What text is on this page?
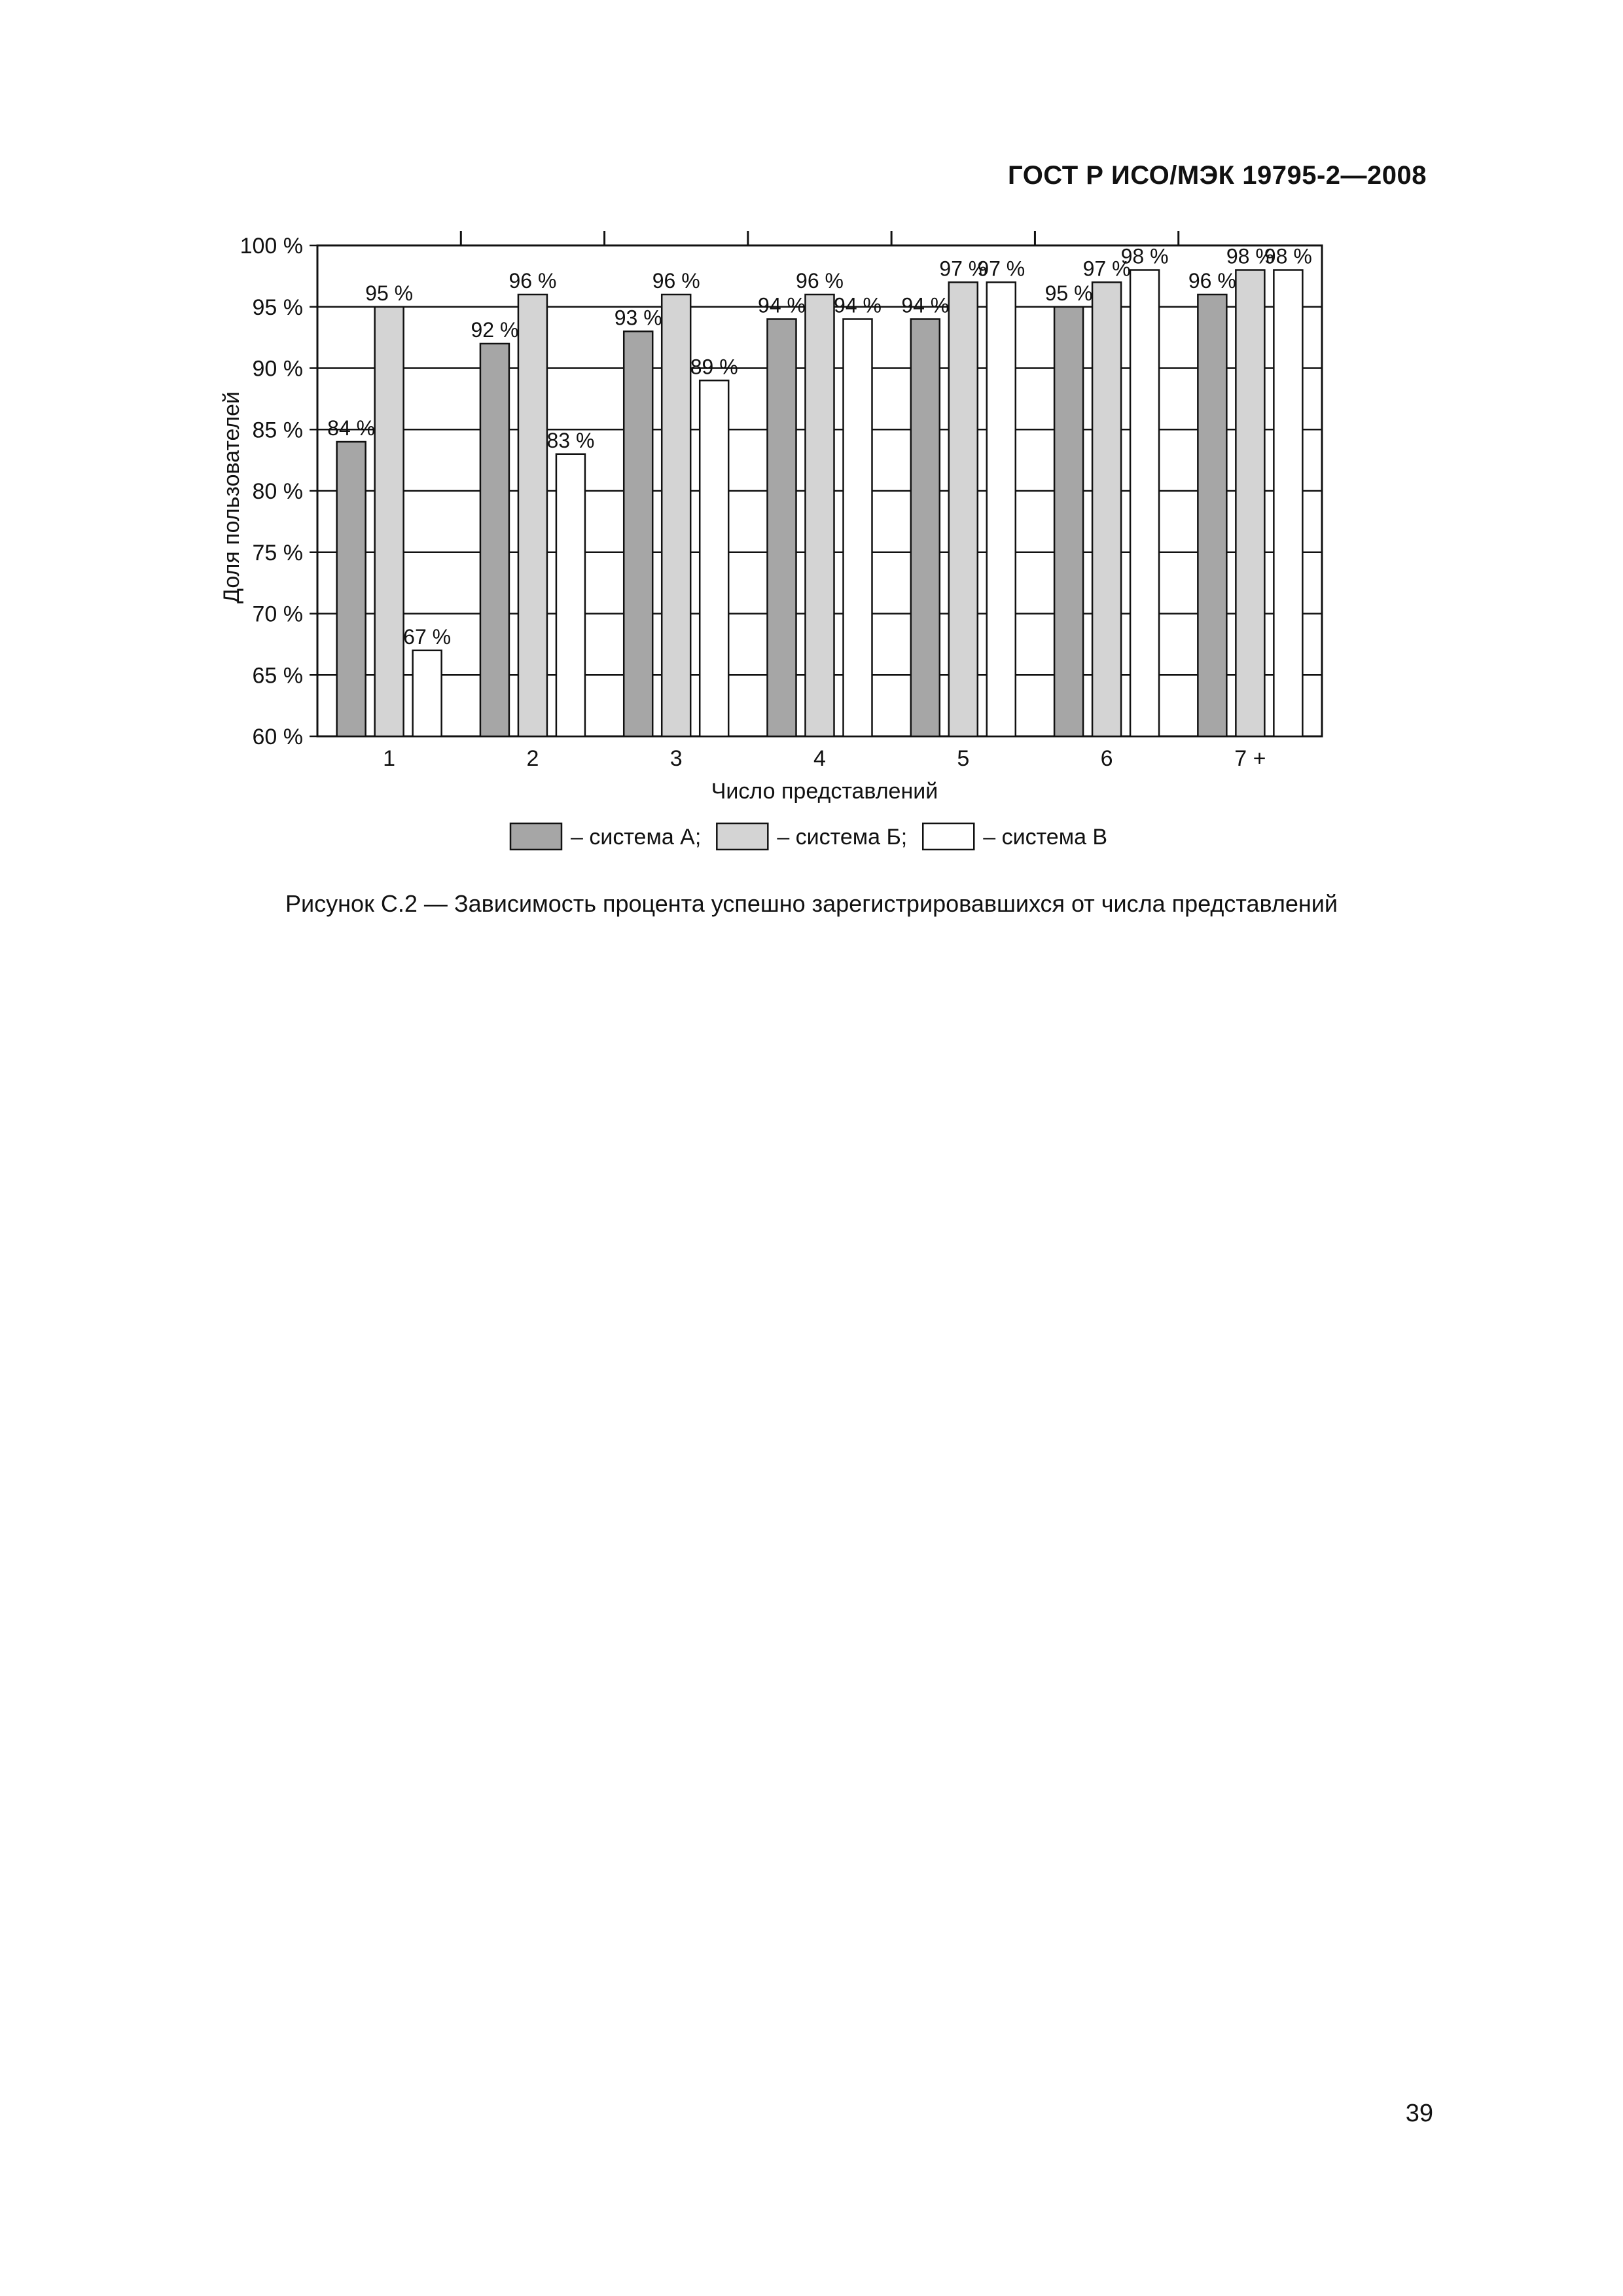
ГОСТ Р ИСО/МЭК 19795-2—2008
84 %
95 %
67 %
92 %
96 %
83 %
93 %
96 %
89 %
94 %
96 %
94 % 94 %
97 %
97 %
95 %
97 %
98 %
96 %
98 %
98 %
60 %
65 %
70 %
75 %
80 %
85 %
90 %
95 %
100 %
1	2	3	4	5	6	7 +
Доля пользователей
Число представлений
– система А;	– система Б;	– система В
Рисунок С.2 — Зависимость процента успешно зарегистрировавшихся от числа представлений
39
